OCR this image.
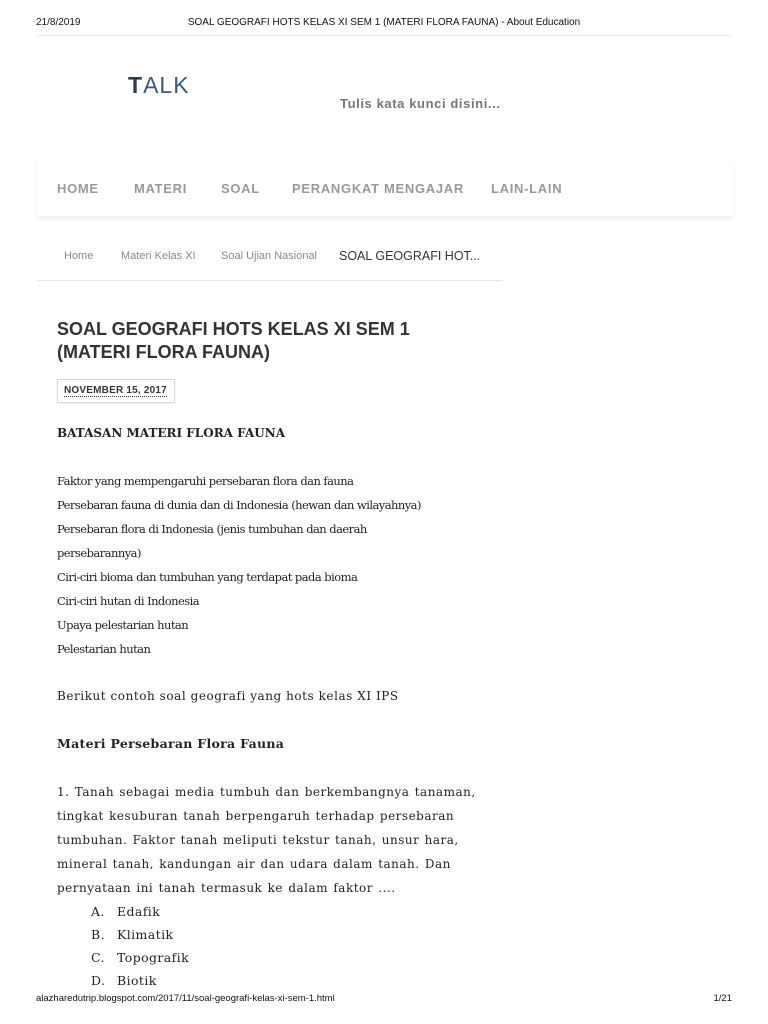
21/8/2019	SOAL GEOGRAFI HOTS KELAS XI SEM 1 (MATERI FLORA FAUNA) - About Education
TALK
Tulis kata kunci disini...
HOME	MATERI	SOAL PERANGKAT MENGAJAR LAIN-LAIN
Home	Materi Kelas XI Soal Ujian Nasional SOAL GEOGRAFI HOT...
SOAL GEOGRAFI HOTS KELAS XI SEM 1
(MATERI FLORA FAUNA)
NOVEMBER 15, 2017

BATASAN MATERI FLORA FAUNA

Faktor yang mempengaruhi persebaran flora dan fauna

Persebaran fauna di dunia dan di Indonesia (hewan dan wilayahnya)

Persebaran flora di Indonesia (jenis tumbuhan dan daerah

persebarannya)

Ciri-ciri bioma dan tumbuhan yang terdapat pada bioma

Ciri-ciri hutan di Indonesia

Upaya pelestarian hutan

Pelestarian hutan

Berikut contoh soal geografi yang hots kelas XI IPS

Materi Persebaran Flora Fauna

1. Tanah sebagai media tumbuh dan berkembangnya tanaman,

tingkat kesuburan tanah berpengaruh terhadap persebaran

tumbuhan. Faktor tanah meliputi tekstur tanah, unsur hara,

mineral tanah, kandungan air dan udara dalam tanah. Dan

pernyataan ini tanah termasuk ke dalam faktor ....

A. Edafik
B. Klimatik
C. Topografik
D. Biotik
alazharedutrip.blogspot.com/2017/11/soal-geografi-kelas-xi-sem-1.html	1/21
